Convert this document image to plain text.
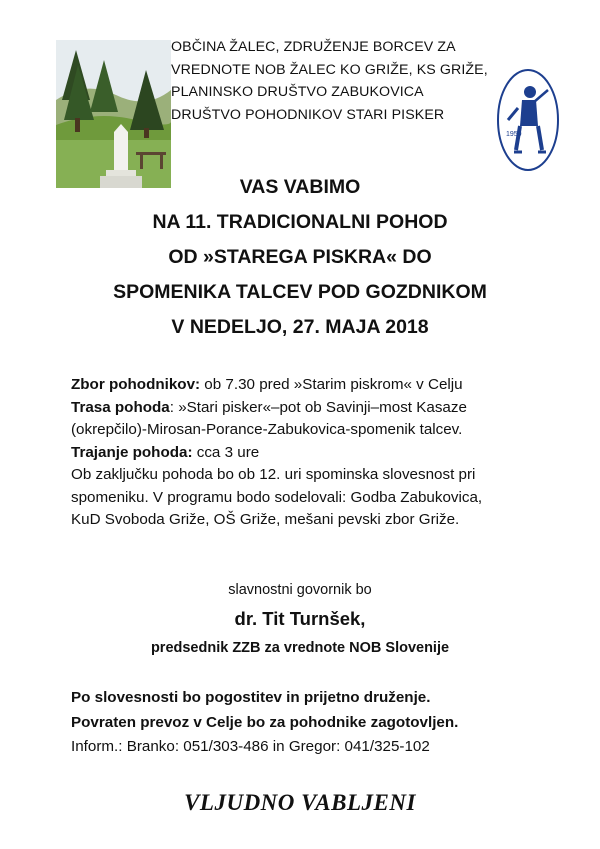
OBČINA ŽALEC, ZDRUŽENJE BORCEV ZA
VREDNOTE NOB ŽALEC KO GRIŽE, KS GRIŽE,
PLANINSKO DRUŠTVO ZABUKOVICA
DRUŠTVO POHODNIKOV STARI PISKER
1950
VAS VABIMO
NA 11. TRADICIONALNI POHOD
OD »STAREGA PISKRA« DO
SPOMENIKA TALCEV POD GOZDNIKOM
V NEDELJO, 27. MAJA 2018
Zbor pohodnikov: ob 7.30 pred »Starim piskrom« v Celju
Trasa pohoda: »Stari pisker«–pot ob Savinji–most Kasaze
(okrepčilo)-Mirosan-Porance-Zabukovica-spomenik talcev.
Trajanje pohoda: cca 3 ure
Ob zaključku pohoda bo ob 12. uri spominska slovesnost pri
spomeniku. V programu bodo sodelovali: Godba Zabukovica,
KuD Svoboda Griže, OŠ Griže, mešani pevski zbor Griže.
slavnostni govornik bo
dr. Tit Turnšek,
predsednik ZZB za vrednote NOB Slovenije
Po slovesnosti bo pogostitev in prijetno druženje.
Povraten prevoz v Celje bo za pohodnike zagotovljen.
Inform.: Branko: 051/303-486 in Gregor: 041/325-102
VLJUDNO VABLJENI
